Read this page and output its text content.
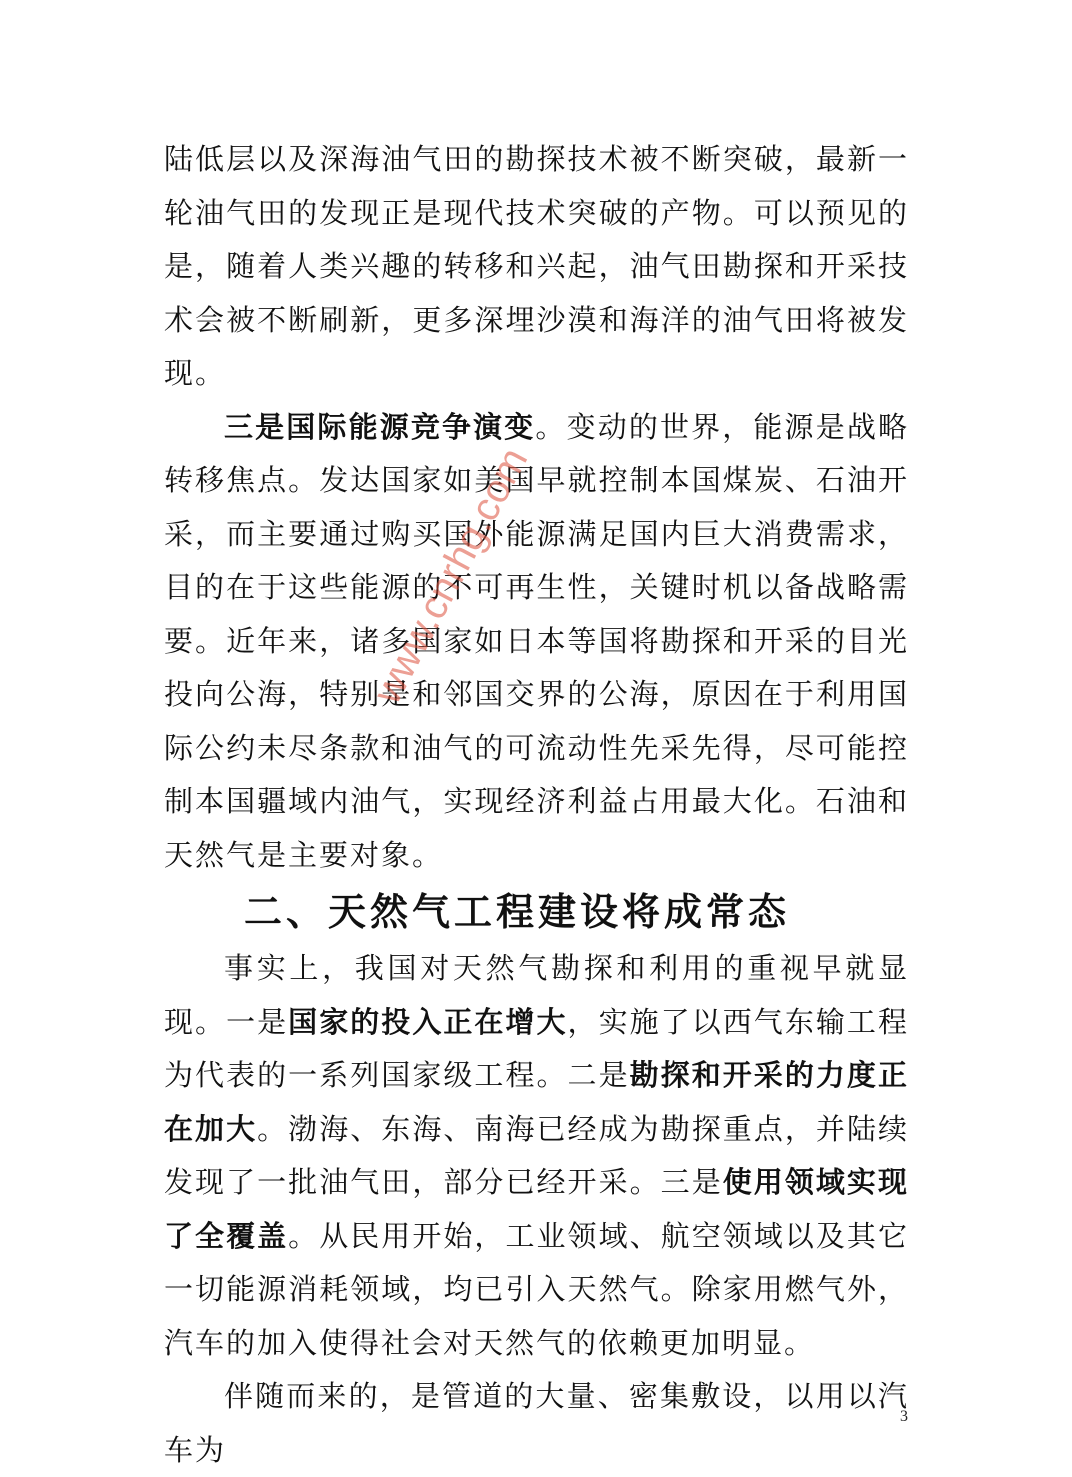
陆低层以及深海油气田的勘探技术被不断突破，最新一轮油气田的发现正是现代技术突破的产物。可以预见的是，随着人类兴趣的转移和兴起，油气田勘探和开采技术会被不断刷新，更多深埋沙漠和海洋的油气田将被发现。

三是国际能源竞争演变。变动的世界，能源是战略转移焦点。发达国家如美国早就控制本国煤炭、石油开采，而主要通过购买国外能源满足国内巨大消费需求，目的在于这些能源的不可再生性，关键时机以备战略需要。近年来，诸多国家如日本等国将勘探和开采的目光投向公海，特别是和邻国交界的公海，原因在于利用国际公约未尽条款和油气的可流动性先采先得，尽可能控制本国疆域内油气，实现经济利益占用最大化。石油和天然气是主要对象。

二、天然气工程建设将成常态

事实上，我国对天然气勘探和利用的重视早就显现。一是国家的投入正在增大，实施了以西气东输工程为代表的一系列国家级工程。二是勘探和开采的力度正在加大。渤海、东海、南海已经成为勘探重点，并陆续发现了一批油气田，部分已经开采。三是使用领域实现了全覆盖。从民用开始，工业领域、航空领域以及其它一切能源消耗领域，均已引入天然气。除家用燃气外，汽车的加入使得社会对天然气的依赖更加明显。

伴随而来的，是管道的大量、密集敷设，以用以汽车为

www.cnrhg.com
3
